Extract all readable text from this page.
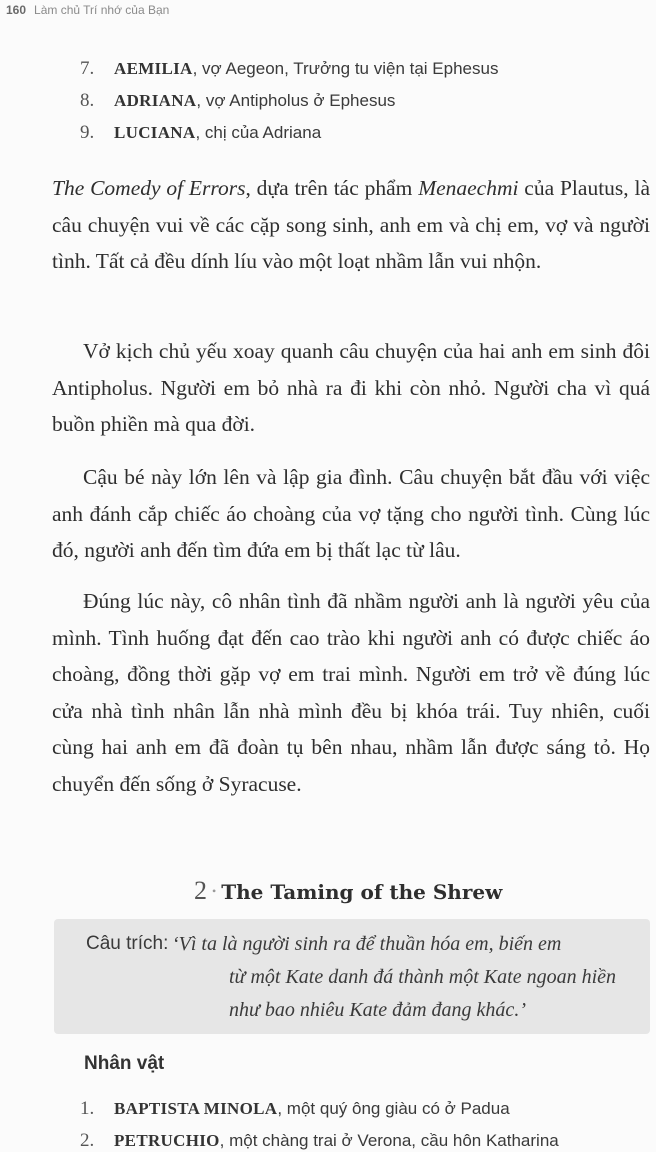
160 Làm chủ Trí nhớ của Bạn
7. AEMILIA, vợ Aegeon, Trưởng tu viện tại Ephesus
8. ADRIANA, vợ Antipholus ở Ephesus
9. LUCIANA, chị của Adriana

The Comedy of Errors, dựa trên tác phẩm Menaechmi của Plautus, là câu chuyện vui về các cặp song sinh, anh em và chị em, vợ và người tình. Tất cả đều dính líu vào một loạt nhầm lẫn vui nhộn.

Vở kịch chủ yếu xoay quanh câu chuyện của hai anh em sinh đôi Antipholus. Người em bỏ nhà ra đi khi còn nhỏ. Người cha vì quá buồn phiền mà qua đời.

Cậu bé này lớn lên và lập gia đình. Câu chuyện bắt đầu với việc anh đánh cắp chiếc áo choàng của vợ tặng cho người tình. Cùng lúc đó, người anh đến tìm đứa em bị thất lạc từ lâu.

Đúng lúc này, cô nhân tình đã nhầm người anh là người yêu của mình. Tình huống đạt đến cao trào khi người anh có được chiếc áo choàng, đồng thời gặp vợ em trai mình. Người em trở về đúng lúc cửa nhà tình nhân lẫn nhà mình đều bị khóa trái. Tuy nhiên, cuối cùng hai anh em đã đoàn tụ bên nhau, nhầm lẫn được sáng tỏ. Họ chuyển đến sống ở Syracuse.

2 • The Taming of the Shrew
Câu trích: ‘Vì ta là người sinh ra để thuần hóa em, biến em
từ một Kate danh đá thành một Kate ngoan hiền
như bao nhiêu Kate đảm đang khác.’

Nhân vật
1. BAPTISTA MINOLA, một quý ông giàu có ở Padua
2. PETRUCHIO, một chàng trai ở Verona, cầu hôn Katharina
